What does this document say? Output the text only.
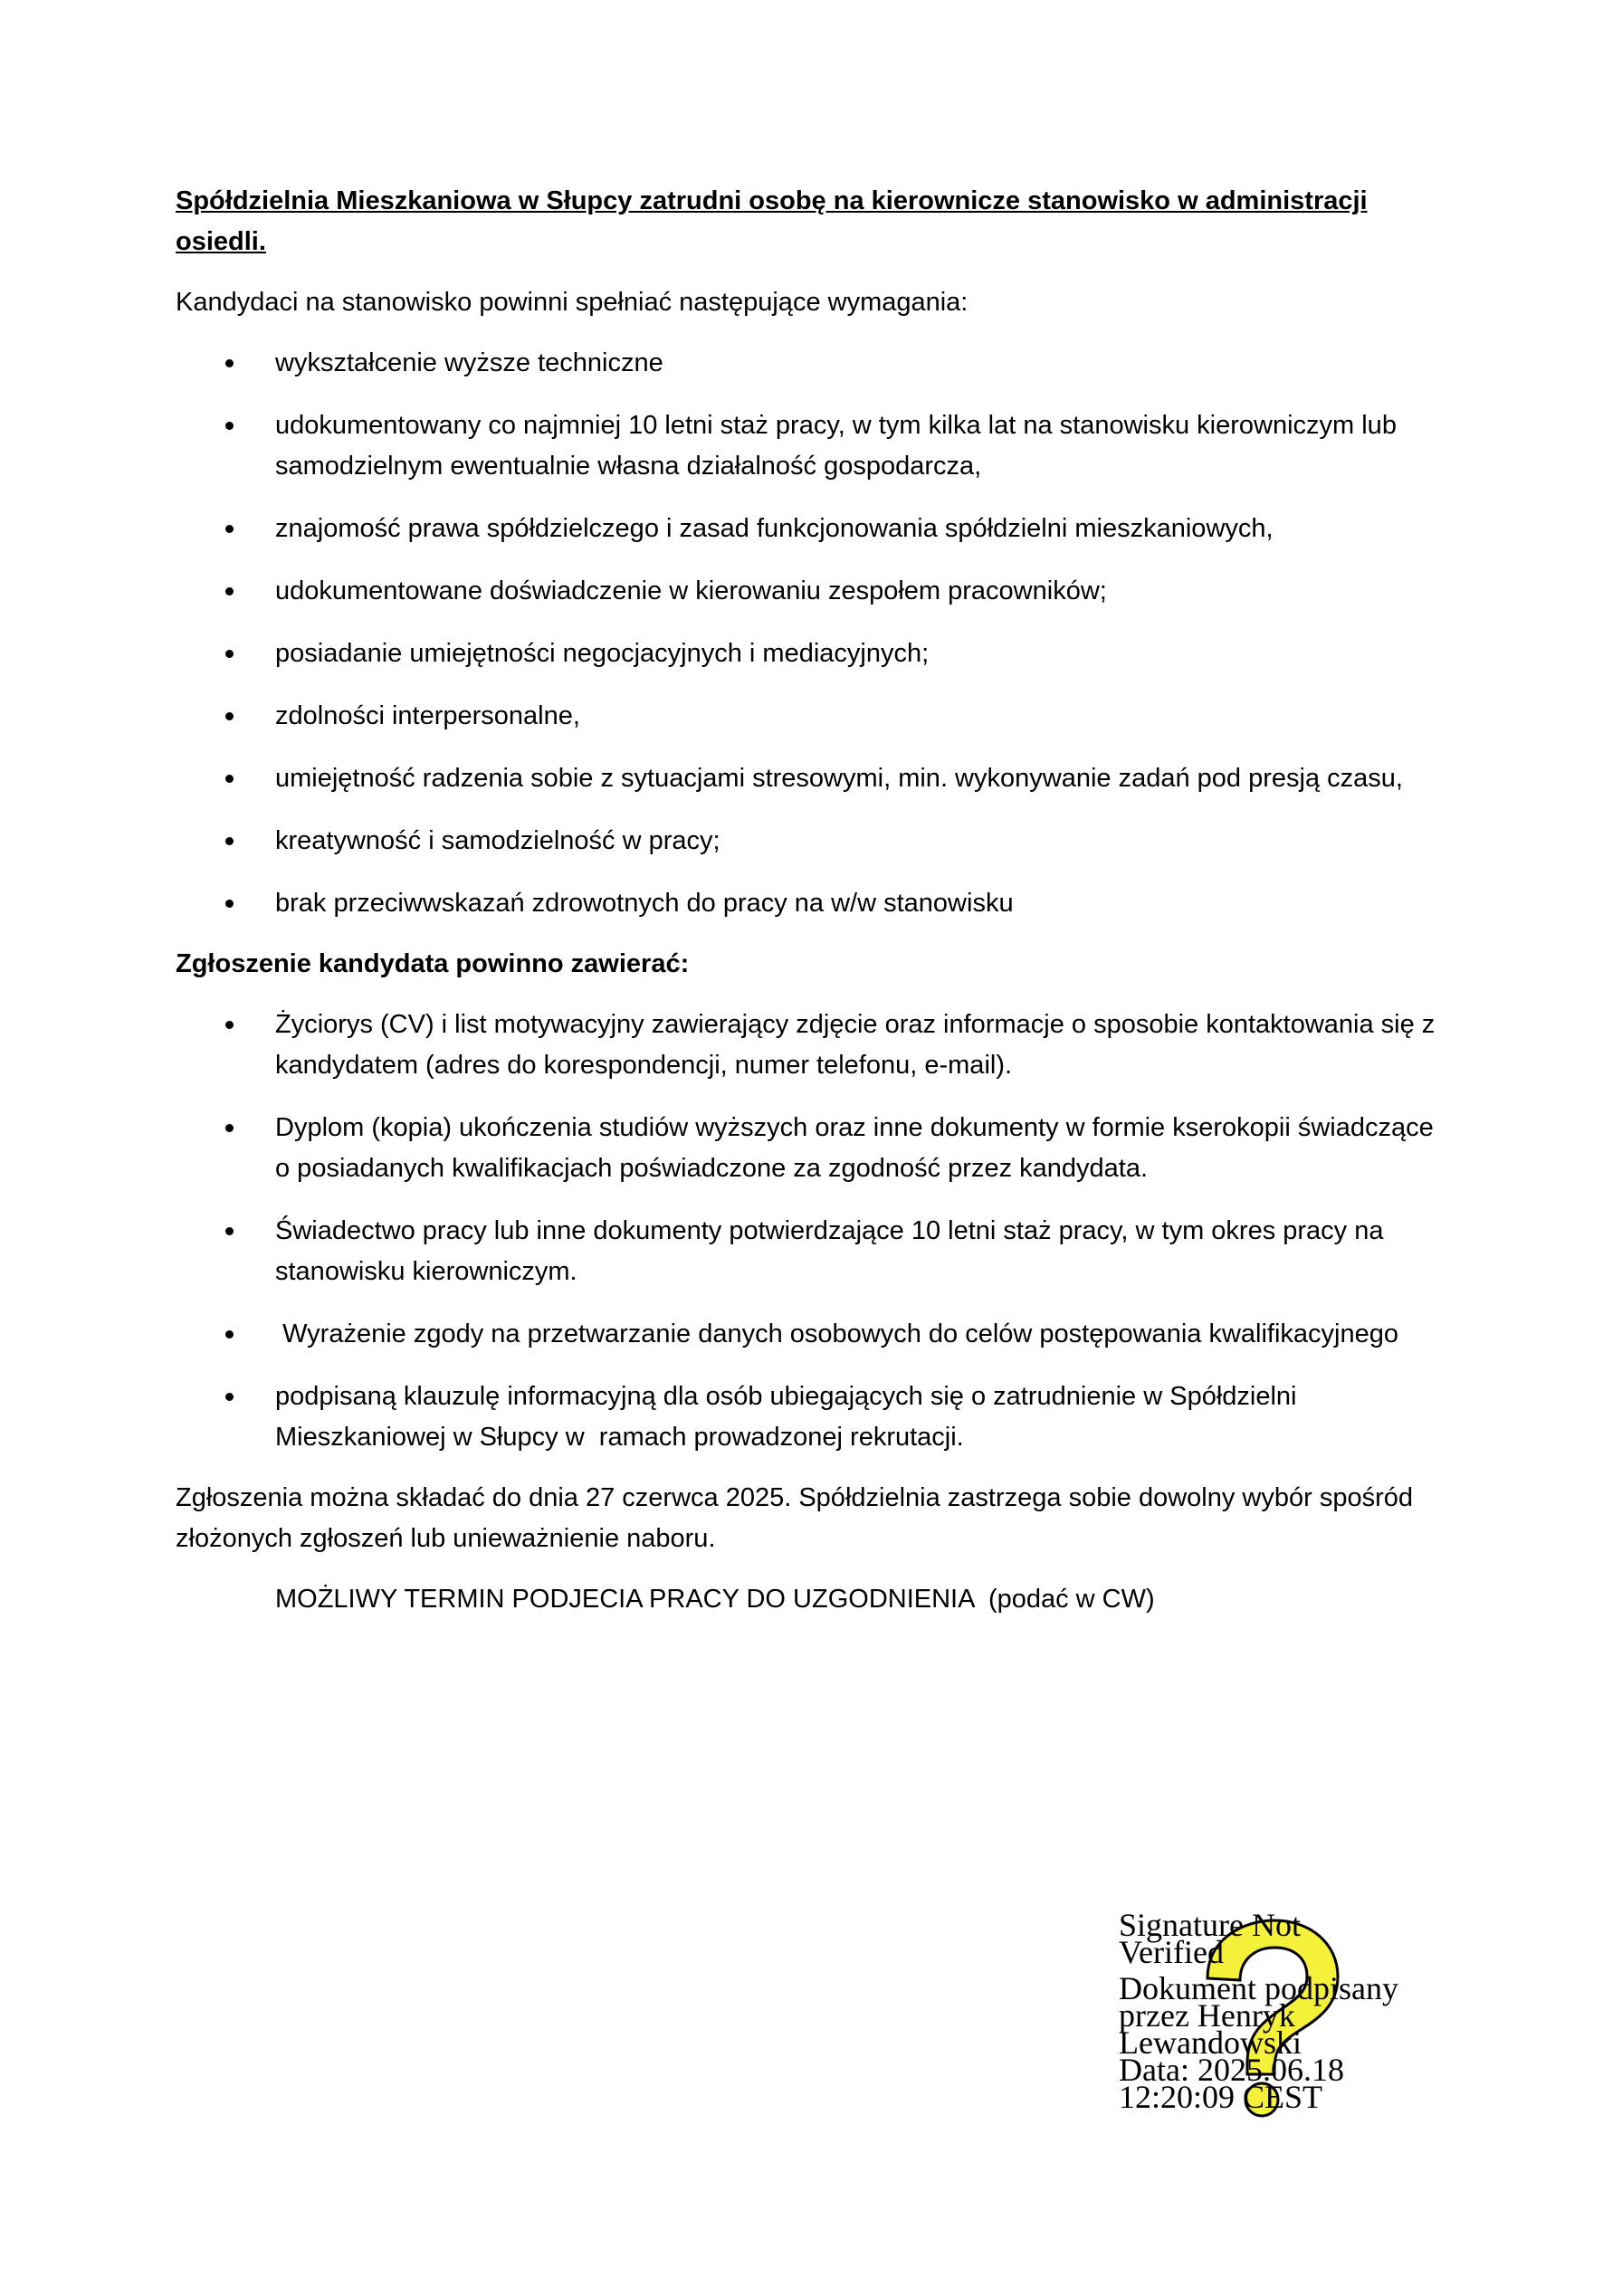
Spółdzielnia Mieszkaniowa w Słupcy zatrudni osobę na kierownicze stanowisko w administracji osiedli.

Kandydaci na stanowisko powinni spełniać następujące wymagania:

wykształcenie wyższe techniczne
udokumentowany co najmniej 10 letni staż pracy, w tym kilka lat na stanowisku kierowniczym lub samodzielnym ewentualnie własna działalność gospodarcza,
znajomość prawa spółdzielczego i zasad funkcjonowania spółdzielni mieszkaniowych,
udokumentowane doświadczenie w kierowaniu zespołem pracowników;
posiadanie umiejętności negocjacyjnych i mediacyjnych;
zdolności interpersonalne,
umiejętność radzenia sobie z sytuacjami stresowymi, min. wykonywanie zadań pod presją czasu,
kreatywność i samodzielność w pracy;
brak przeciwwskazań zdrowotnych do pracy na w/w stanowisku

Zgłoszenie kandydata powinno zawierać:

Życiorys (CV) i list motywacyjny zawierający zdjęcie oraz informacje o sposobie kontaktowania się z kandydatem (adres do korespondencji, numer telefonu, e-mail).
Dyplom (kopia) ukończenia studiów wyższych oraz inne dokumenty w formie kserokopii świadczące o posiadanych kwalifikacjach poświadczone za zgodność przez kandydata.
Świadectwo pracy lub inne dokumenty potwierdzające 10 letni staż pracy, w tym okres pracy na stanowisku kierowniczym.
Wyrażenie zgody na przetwarzanie danych osobowych do celów postępowania kwalifikacyjnego
podpisaną klauzulę informacyjną dla osób ubiegających się o zatrudnienie w Spółdzielni Mieszkaniowej w Słupcy w  ramach prowadzonej rekrutacji.

Zgłoszenia można składać do dnia 27 czerwca 2025. Spółdzielnia zastrzega sobie dowolny wybór spośród złożonych zgłoszeń lub unieważnienie naboru.

MOŻLIWY TERMIN PODJECIA PRACY DO UZGODNIENIA  (podać w CW)

Signature Not
Verified
Dokument podpisany
przez Henryk
Lewandowski
Data: 2025.06.18
12:20:09 CEST
